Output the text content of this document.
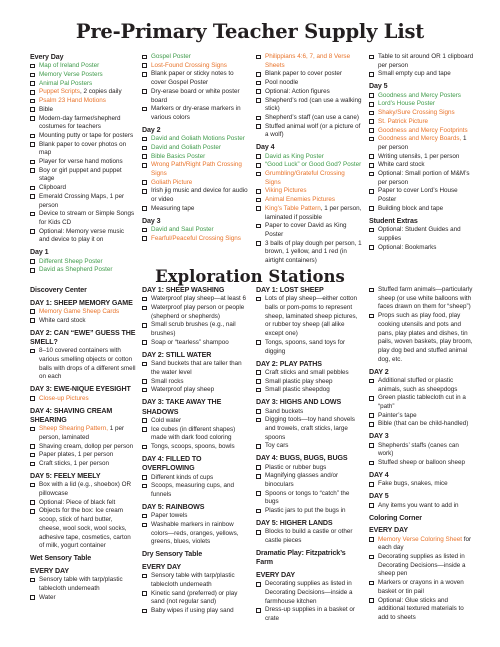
Pre-Primary Teacher Supply List
Every Day
Map of Ireland Poster
Memory Verse Posters
Animal Pal Posters
Puppet Scripts, 2 copies daily
Psalm 23 Hand Motions
Bible
Modern-day farmer/shepherd costumes for teachers
Mounting putty or tape for posters
Blank paper to cover photos on map
Player for verse hand motions
Boy or girl puppet and puppet stage
Clipboard
Emerald Crossing Maps, 1 per person
Device to stream or Simple Songs for Kids CD
Optional: Memory verse music and device to play it on
Day 1
Different Sheep Poster
David as Shepherd Poster
Gospel Poster
Lost-Found Crossing Signs
Blank paper or sticky notes to cover Gospel Poster
Dry-erase board or white poster board
Markers or dry-erase markers in various colors
Day 2
David and Goliath Motions Poster
David and Goliath Poster
Bible Basics Poster
Wrong Path/Right Path Crossing Signs
Goliath Picture
Irish jig music and device for audio or video
Measuring tape
Day 3
David and Saul Poster
Fearful/Peaceful Crossing Signs
Philippians 4:6, 7, and 8 Verse Sheets
Blank paper to cover poster
Pool noodle
Optional: Action figures
Shepherd’s rod (can use a walking stick)
Shepherd’s staff (can use a cane)
Stuffed animal wolf (or a picture of a wolf)
Day 4
David as King Poster
“Good Luck” or Good God? Poster
Grumbling/Grateful Crossing Signs
Viking Pictures
Animal Enemies Pictures
King’s Table Pattern, 1 per person, laminated if possible
Paper to cover David as King Poster
3 balls of play dough per person, 1 brown, 1 yellow, and 1 red (in airtight containers)
Table to sit around OR 1 clipboard per person
Small empty cup and tape
Day 5
Goodness and Mercy Posters
Lord’s House Poster
Shaky/Sure Crossing Signs
St. Patrick Picture
Goodness and Mercy Footprints
Goodness and Mercy Boards, 1 per person
Writing utensils, 1 per person
White card stock
Optional: Small portion of M&M’s per person
Paper to cover Lord’s House Poster
Building block and tape
Student Extras
Optional: Student Guides and supplies
Optional: Bookmarks
Exploration Stations
Discovery Center
DAY 1: SHEEP MEMORY GAME
Memory Game Sheep Cards
White card stock
DAY 2: CAN “EWE” GUESS THE SMELL?
8–10 covered containers with various smelling objects or cotton balls with drops of a different smell on each
DAY 3: EWE-NIQUE EYESIGHT
Close-up Pictures
DAY 4: SHAVING CREAM SHEARING
Sheep Shearing Pattern, 1 per person, laminated
Shaving cream, dollop per person
Paper plates, 1 per person
Craft sticks, 1 per person
DAY 5: FEELY MEELY
Box with a lid (e.g., shoebox) OR pillowcase
Optional: Piece of black felt
Objects for the box: Ice cream scoop, stick of hard butter, cheese, wool sock, wool socks, adhesive tape, cosmetics, carton of milk, yogurt container
Wet Sensory Table
EVERY DAY
Sensory table with tarp/plastic tablecloth underneath
Water
DAY 1: SHEEP WASHING
Waterproof play sheep—at least 6
Waterproof play person or people (shepherd or shepherds)
Small scrub brushes (e.g., nail brushes)
Soap or “tearless” shampoo
DAY 2: STILL WATER
Sand buckets that are taller than the water level
Small rocks
Waterproof play sheep
DAY 3: TAKE AWAY THE SHADOWS
Cold water
Ice cubes (in different shapes) made with dark food coloring
Tongs, scoops, spoons, bowls
DAY 4: FILLED TO OVERFLOWING
Different kinds of cups
Scoops, measuring cups, and funnels
DAY 5: RAINBOWS
Paper towels
Washable markers in rainbow colors—reds, oranges, yellows, greens, blues, violets
Dry Sensory Table
EVERY DAY
Sensory table with tarp/plastic tablecloth underneath
Kinetic sand (preferred) or play sand (not regular sand)
Baby wipes if using play sand
DAY 1: LOST SHEEP
Lots of play sheep—either cotton balls or pom-poms to represent sheep, laminated sheep pictures, or rubber toy sheep (all alike except one)
Tongs, spoons, sand toys for digging
DAY 2: PLAY PATHS
Craft sticks and small pebbles
Small plastic play sheep
Small plastic sheepdog
DAY 3: HIGHS AND LOWS
Sand buckets
Digging tools—toy hand shovels and trowels, craft sticks, large spoons
Toy cars
DAY 4: BUGS, BUGS, BUGS
Plastic or rubber bugs
Magnifying glasses and/or binoculars
Spoons or tongs to “catch” the bugs
Plastic jars to put the bugs in
DAY 5: HIGHER LANDS
Blocks to build a castle or other castle pieces
Dramatic Play: Fitzpatrick’s Farm
EVERY DAY
Decorating supplies as listed in Decorating Decisions—inside a farmhouse kitchen
Dress-up supplies in a basket or crate
Stuffed farm animals—particularly sheep (or use white balloons with faces drawn on them for “sheep”)
Props such as play food, play cooking utensils and pots and pans, play plates and dishes, tin pails, woven baskets, play broom, play dog bed and stuffed animal dog, etc.
DAY 2
Additional stuffed or plastic animals, such as sheepdogs
Green plastic tablecloth cut in a “path”
Painter’s tape
Bible (that can be child-handled)
DAY 3
Shepherds’ staffs (canes can work)
Stuffed sheep or balloon sheep
DAY 4
Fake bugs, snakes, mice
DAY 5
Any items you want to add in
Coloring Corner
EVERY DAY
Memory Verse Coloring Sheet for each day
Decorating supplies as listed in Decorating Decisions—inside a sheep pen
Markers or crayons in a woven basket or tin pail
Optional: Glue sticks and additional textured materials to add to sheets
